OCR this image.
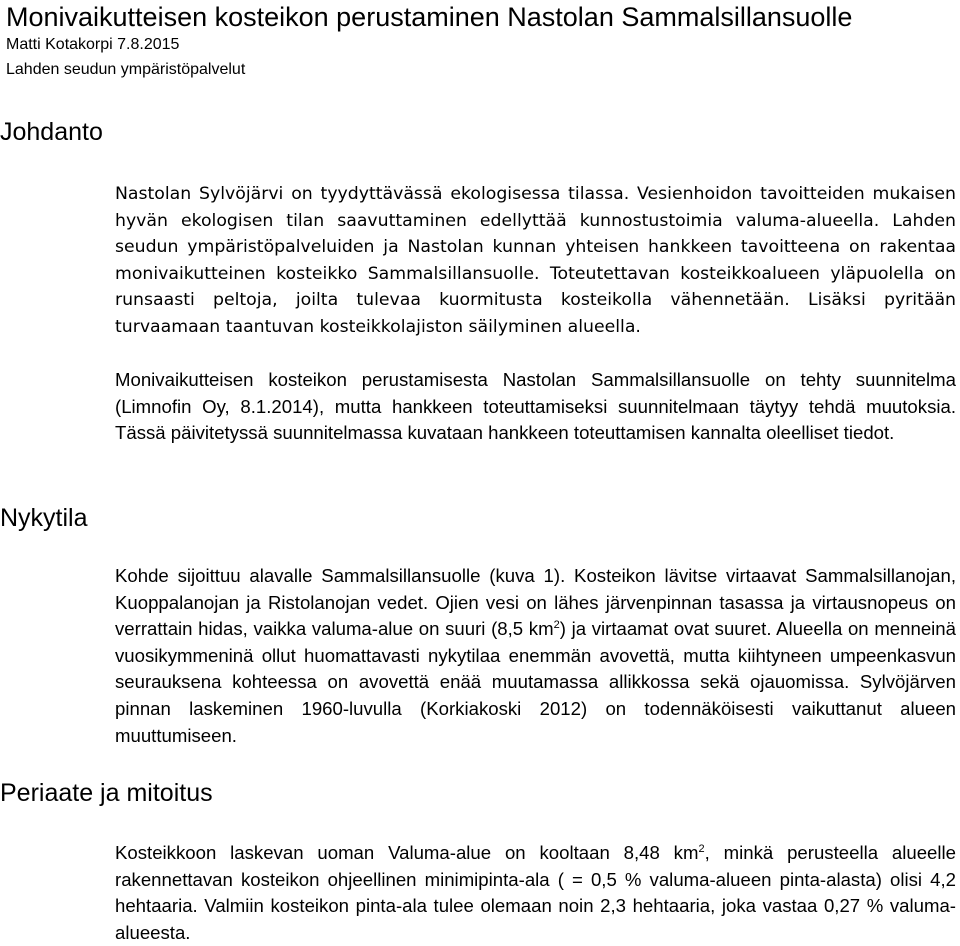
Monivaikutteisen kosteikon perustaminen Nastolan Sammalsillansuolle
Matti Kotakorpi 7.8.2015
Lahden seudun ympäristöpalvelut
Johdanto
Nastolan Sylvöjärvi on tyydyttävässä ekologisessa tilassa. Vesienhoidon tavoitteiden mukaisen hyvän ekologisen tilan saavuttaminen edellyttää kunnostustoimia valuma-alueella. Lahden seudun ympäristöpalveluiden ja Nastolan kunnan yhteisen hankkeen tavoitteena on rakentaa monivaikutteinen kosteikko Sammalsillansuolle. Toteutettavan kosteikkoalueen yläpuolella on runsaasti peltoja, joilta tulevaa kuormitusta kosteikolla vähennetään. Lisäksi pyritään turvaamaan taantuvan kosteikkolajiston säilyminen alueella.
Monivaikutteisen kosteikon perustamisesta Nastolan Sammalsillansuolle on tehty suunnitelma (Limnofin Oy, 8.1.2014), mutta hankkeen toteuttamiseksi suunnitelmaan täytyy tehdä muutoksia. Tässä päivitetyssä suunnitelmassa kuvataan hankkeen toteuttamisen kannalta oleelliset tiedot.
Nykytila
Kohde sijoittuu alavalle Sammalsillansuolle (kuva 1). Kosteikon lävitse virtaavat Sammalsillanojan, Kuoppalanojan ja Ristolanojan vedet. Ojien vesi on lähes järvenpinnan tasassa ja virtausnopeus on verrattain hidas, vaikka valuma-alue on suuri (8,5 $km^2$) ja virtaamat ovat suuret. Alueella on menneinä vuosikymmeninä ollut huomattavasti nykytilaa enemmän avovettä, mutta kiihtyneen umpeenkasvun seurauksena kohteessa on avovettä enää muutamassa allikkossa sekä ojauomissa. Sylvöjärven pinnan laskeminen 1960-luvulla (Korkiakoski 2012) on todennäköisesti vaikuttanut alueen muuttumiseen.
Periaate ja mitoitus
Kosteikkoon laskevan uoman Valuma-alue on kooltaan 8,48 $km^2$, minkä perusteella alueelle rakennettavan kosteikon ohjeellinen minimipinta-ala ( = 0,5 % valuma-alueen pinta-alasta) olisi 4,2 hehtaaria. Valmiin kosteikon pinta-ala tulee olemaan noin 2,3 hehtaaria, joka vastaa 0,27 % valuma-alueesta.
